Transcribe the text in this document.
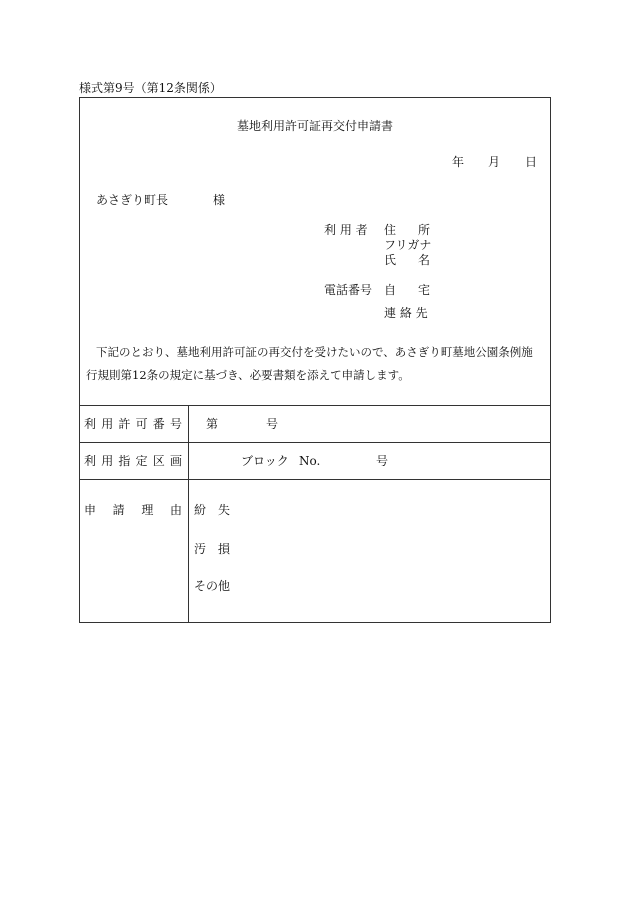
様式第9号（第12条関係）
墓地利用許可証再交付申請書
年 月 日
あさぎり町長	様
利 用 者 住 所
フリガナ
氏 名
電話番号 自 宅
連 絡 先
下記のとおり、墓地利用許可証の再交付を受けたいので、あさぎり町墓地公園条例施
行規則第12条の規定に基づき、必要書類を添えて申請します。
利 用 許 可 番 号 第	号
利 用 指 定 区 画	ブロック No.	号
申 請 理 由 紛　失
汚　損
その他
